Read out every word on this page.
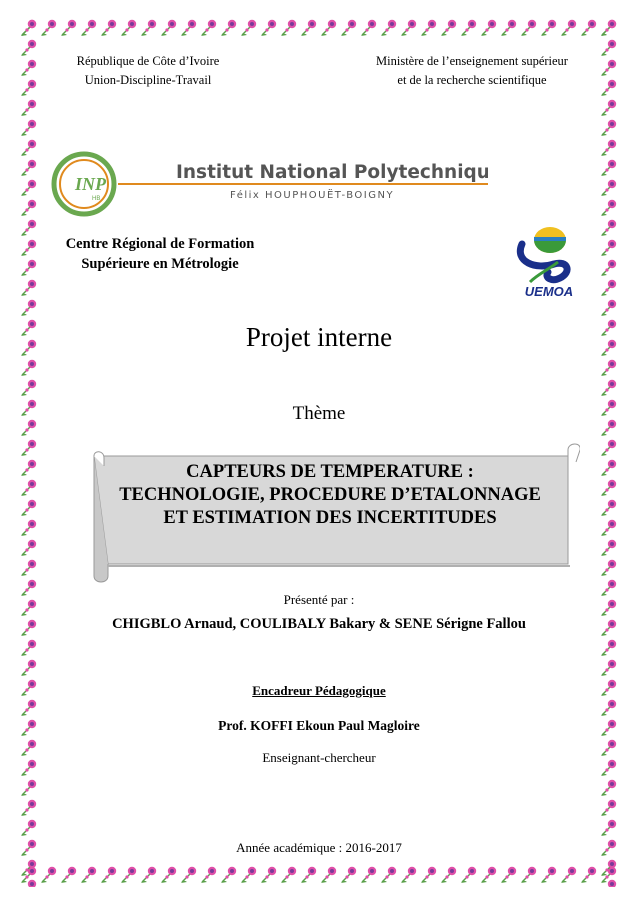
République de Côte d’Ivoire
Union-Discipline-Travail
Ministère de l’enseignement supérieur
et de la recherche scientifique
INP
HB
Institut National Polytechnique
Félix HOUPHOUËT-BOIGNY
Centre Régional de Formation
Supérieure en Métrologie
UEMOA
Projet interne
Thème
CAPTEURS DE TEMPERATURE :
TECHNOLOGIE, PROCEDURE D’ETALONNAGE
ET ESTIMATION DES INCERTITUDES
Présenté par :
CHIGBLO Arnaud, COULIBALY Bakary & SENE Sérigne Fallou
Encadreur Pédagogique
Prof. KOFFI Ekoun Paul Magloire
Enseignant-chercheur
Année académique : 2016-2017
